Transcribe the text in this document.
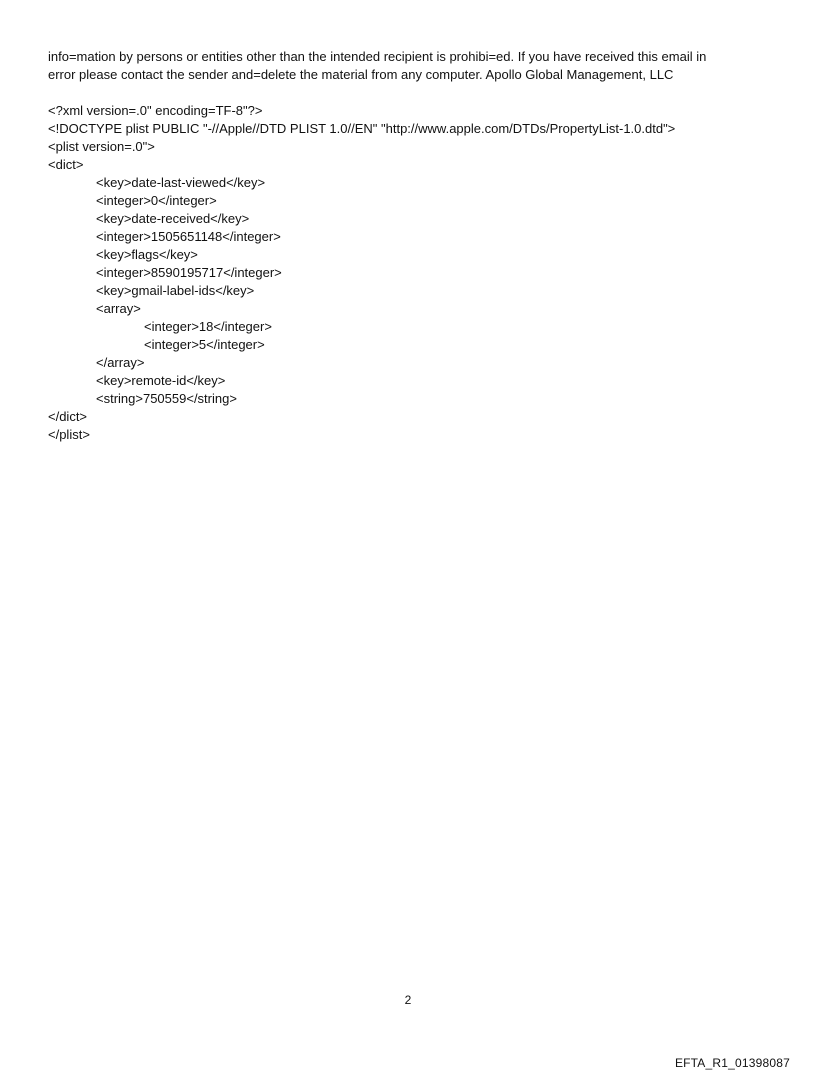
info=mation by persons or entities other than the intended recipient is prohibi=ed. If you have received this email in

error please contact the sender and=delete the material from any computer. Apollo Global Management, LLC

<?xml version=.0" encoding=TF-8"?>
<!DOCTYPE plist PUBLIC "-//Apple//DTD PLIST 1.0//EN" "http://www.apple.com/DTDs/PropertyList-1.0.dtd">
<plist version=.0">
<dict>
<key>date-last-viewed</key>
<integer>0</integer>
<key>date-received</key>
<integer>1505651148</integer>
<key>flags</key>
<integer>8590195717</integer>
<key>gmail-label-ids</key>
<array>
<integer>18</integer>
<integer>5</integer>
</array>
<key>remote-id</key>
<string>750559</string>
</dict>
</plist>
2
EFTA_R1_01398087
